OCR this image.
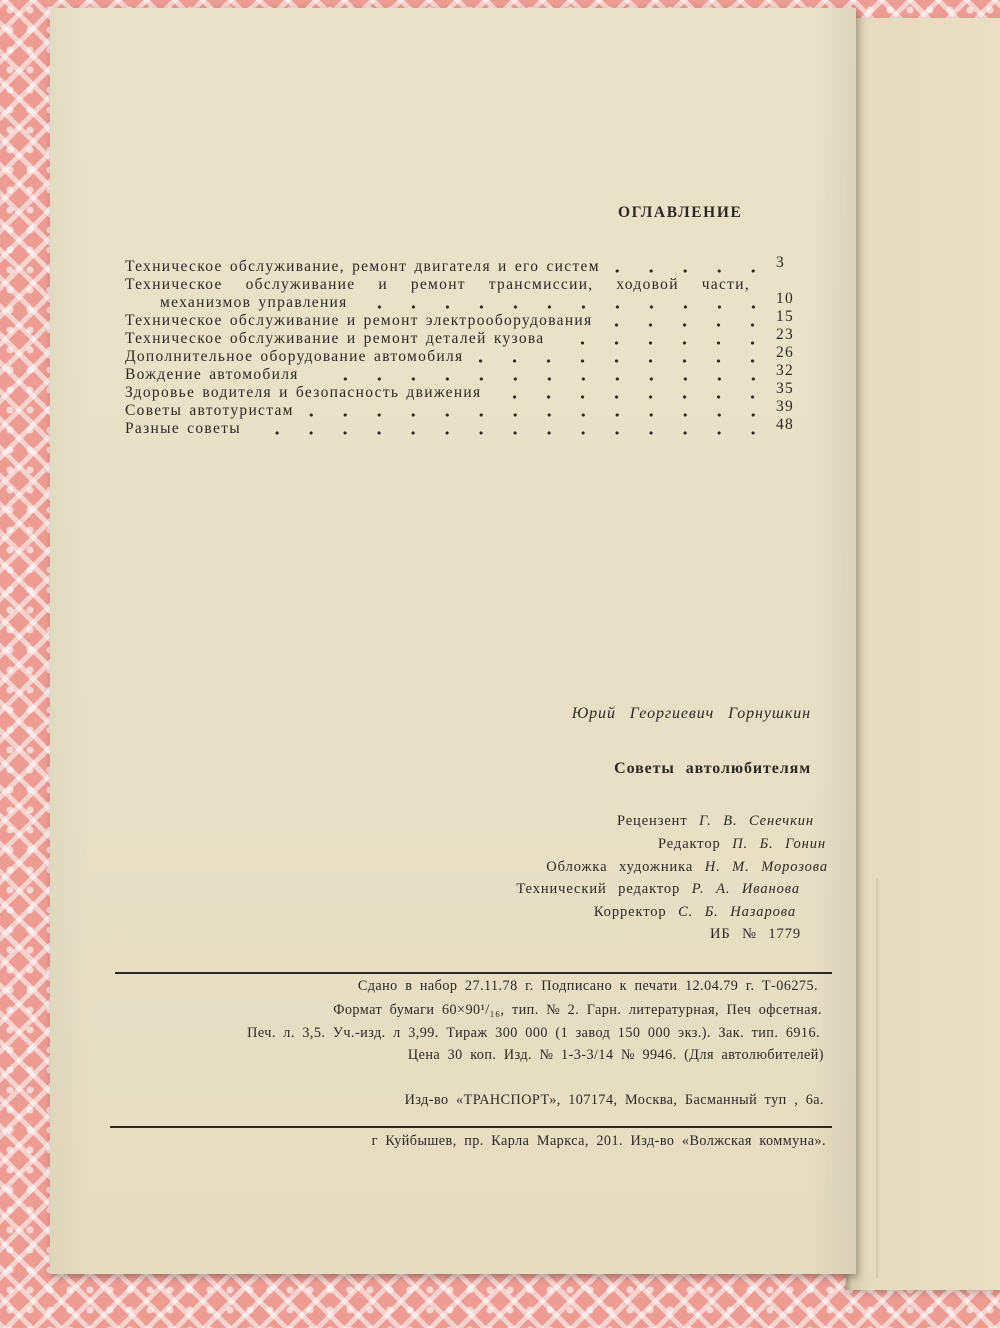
ОГЛАВЛЕНИЕ
Техническое обслуживание, ремонт двигателя и его систем	3
Техническое обслуживание и ремонт трансмиссии, ходовой части,
механизмов управления	10
Техническое обслуживание и ремонт электрооборудования	15
Техническое обслуживание и ремонт деталей кузова	23
Дополнительное оборудование автомобиля	26
Вождение автомобиля	32
Здоровье водителя и безопасность движения	35
Советы автотуристам	39
Разные советы	48
Юрий Георгиевич Горнушкин
Советы автолюбителям
Рецензент Г. В. Сенечкин
Редактор П. Б. Гонин
Обложка художника Н. М. Морозова
Технический редактор Р. А. Иванова
Корректор С. Б. Назарова
ИБ № 1779
Сдано в набор 27.11.78 г. Подписано к печати 12.04.79 г. Т-06275.
Формат бумаги 60×90¹/₁₆, тип. № 2. Гарн. литературная, Печ офсетная.
Печ. л. 3,5. Уч.-изд. л 3,99. Тираж 300 000 (1 завод 150 000 экз.). Зак. тип. 6916.
Цена 30 коп. Изд. № 1-3-3/14 № 9946. (Для автолюбителей)
Изд-во «ТРАНСПОРТ», 107174, Москва, Басманный туп , 6а.
г Куйбышев, пр. Карла Маркса, 201. Изд-во «Волжская коммуна».
